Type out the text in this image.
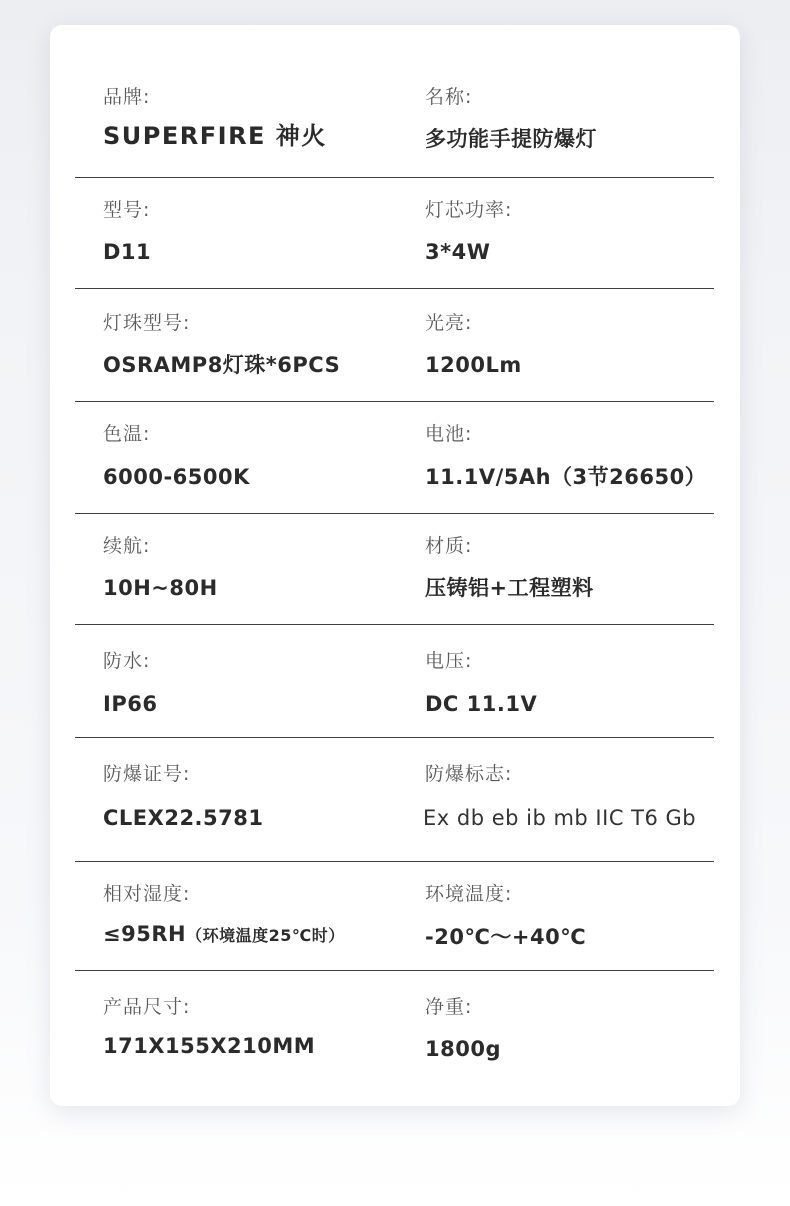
品牌:
SUPERFIRE 神火
名称:
多功能手提防爆灯
型号:
D11
灯芯功率:
3*4W
灯珠型号:
OSRAMP8灯珠*6PCS
光亮:
1200Lm
色温:
6000-6500K
电池:
11.1V/5Ah（3节26650）
续航:
10H~80H
材质:
压铸铝+工程塑料
防水:
IP66
电压:
DC 11.1V
防爆证号:
CLEX22.5781
防爆标志:
Ex db eb ib mb IIC T6 Gb
相对湿度:
≤95RH（环境温度25℃时）
环境温度:
-20℃～+40℃
产品尺寸:
171X155X210MM
净重:
1800g
